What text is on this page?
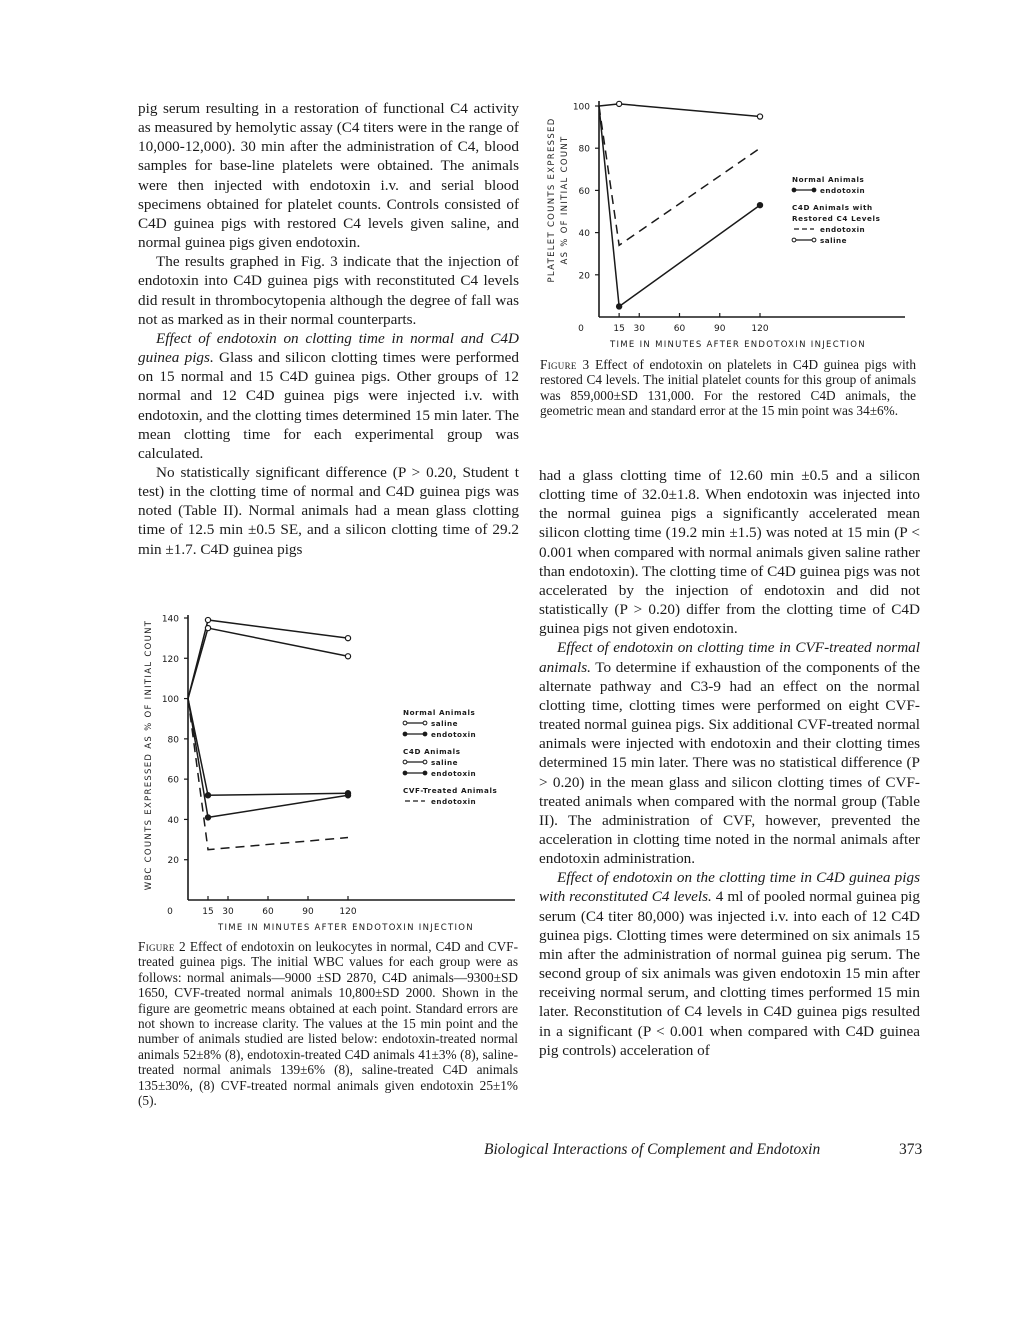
pig serum resulting in a restoration of functional C4 activity as measured by hemolytic assay (C4 titers were in the range of 10,000-12,000). 30 min after the administration of C4, blood samples for base-line platelets were obtained. The animals were then injected with endotoxin i.v. and serial blood specimens obtained for platelet counts. Controls consisted of C4D guinea pigs with restored C4 levels given saline, and normal guinea pigs given endotoxin.

The results graphed in Fig. 3 indicate that the injection of endotoxin into C4D guinea pigs with reconstituted C4 levels did result in thrombocytopenia although the degree of fall was not as marked as in their normal counterparts.

Effect of endotoxin on clotting time in normal and C4D guinea pigs. Glass and silicon clotting times were performed on 15 normal and 15 C4D guinea pigs. Other groups of 12 normal and 12 C4D guinea pigs were injected i.v. with endotoxin, and the clotting times determined 15 min later. The mean clotting time for each experimental group was calculated.

No statistically significant difference (P > 0.20, Student t test) in the clotting time of normal and C4D guinea pigs was noted (Table II). Normal animals had a mean glass clotting time of 12.5 min ±0.5 SE, and a silicon clotting time of 29.2 min ±1.7. C4D guinea pigs

20
40
60
80
100
0	15 30	60	90	120
TIME IN MINUTES AFTER ENDOTOXIN INJECTION
PLATELET COUNTS EXPRESSED AS % OF INITIAL COUNT	Normal Animals
endotoxin
C4D Animals with
Restored C4 Levels
endotoxin
saline
Figure 3 Effect of endotoxin on platelets in C4D guinea pigs with restored C4 levels. The initial platelet counts for this group of animals was 859,000±SD 131,000. For the restored C4D animals, the geometric mean and standard error at the 15 min point was 34±6%.

had a glass clotting time of 12.60 min ±0.5 and a silicon clotting time of 32.0±1.8. When endotoxin was injected into the normal guinea pigs a significantly accelerated mean silicon clotting time (19.2 min ±1.5) was noted at 15 min (P < 0.001 when compared with normal animals given saline rather than endotoxin). The clotting time of C4D guinea pigs was not accelerated by the injection of endotoxin and did not statistically (P > 0.20) differ from the clotting time of C4D guinea pigs not given endotoxin.

Effect of endotoxin on clotting time in CVF-treated normal animals. To determine if exhaustion of the components of the alternate pathway and C3-9 had an effect on the normal clotting time, clotting times were performed on eight CVF-treated normal guinea pigs. Six additional CVF-treated normal animals were injected with endotoxin and their clotting times determined 15 min later. There was no statistical difference (P > 0.20) in the mean glass and silicon clotting times of CVF-treated animals when compared with the normal group (Table II). The administration of CVF, however, prevented the acceleration in clotting time noted in the normal animals after endotoxin administration.

Effect of endotoxin on the clotting time in C4D guinea pigs with reconstituted C4 levels. 4 ml of pooled normal guinea pig serum (C4 titer 80,000) was injected i.v. into each of 12 C4D guinea pigs. Clotting times were determined on six animals 15 min after the administration of normal guinea pig serum. The second group of six animals was given endotoxin 15 min after receiving normal serum, and clotting times performed 15 min later. Reconstitution of C4 levels in C4D guinea pigs resulted in a significant (P < 0.001 when compared with C4D guinea pig controls) acceleration of

20
40
60
80
100
120
140
0	15 30	60	90	120
TIME IN MINUTES AFTER ENDOTOXIN INJECTION
WBC COUNTS EXPRESSED AS % OF INITIAL COUNT	Normal Animals
saline
endotoxin
C4D Animals
saline
endotoxin
CVF-Treated Animals
endotoxin
Figure 2 Effect of endotoxin on leukocytes in normal, C4D and CVF-treated guinea pigs. The initial WBC values for each group were as follows: normal animals—9000 ±SD 2870, C4D animals—9300±SD 1650, CVF-treated normal animals 10,800±SD 2000. Shown in the figure are geometric means obtained at each point. Standard errors are not shown to increase clarity. The values at the 15 min point and the number of animals studied are listed below: endotoxin-treated normal animals 52±8% (8), endotoxin-treated C4D animals 41±3% (8), saline-treated normal animals 139±6% (8), saline-treated C4D animals 135±30%, (8) CVF-treated normal animals given endotoxin 25±1% (5).
Biological Interactions of Complement and Endotoxin	373
